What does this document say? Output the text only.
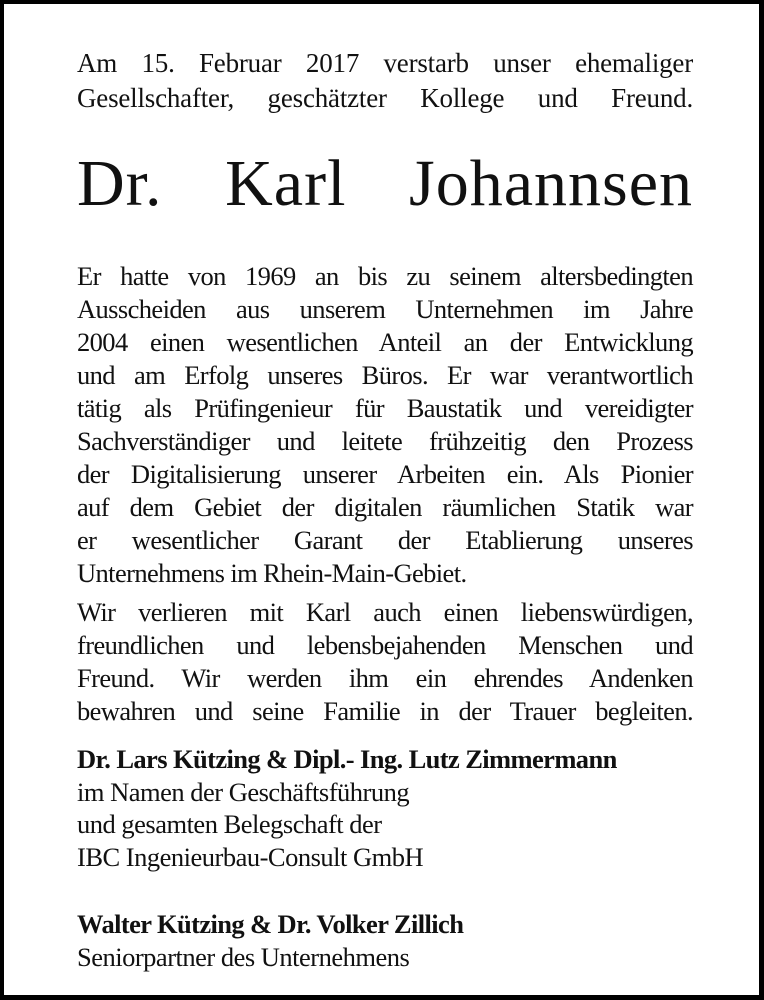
Am 15. Februar 2017 verstarb unser ehemaliger
Gesellschafter, geschätzter Kollege und Freund.
Dr. Karl Johannsen
Er hatte von 1969 an bis zu seinem altersbedingten
Ausscheiden aus unserem Unternehmen im Jahre
2004 einen wesentlichen Anteil an der Entwicklung
und am Erfolg unseres Büros. Er war verantwortlich
tätig als Prüfingenieur für Baustatik und vereidigter
Sachverständiger und leitete frühzeitig den Prozess
der Digitalisierung unserer Arbeiten ein. Als Pionier
auf dem Gebiet der digitalen räumlichen Statik war
er wesentlicher Garant der Etablierung unseres
Unternehmens im Rhein-Main-Gebiet.
Wir verlieren mit Karl auch einen liebenswürdigen,
freundlichen und lebensbejahenden Menschen und
Freund. Wir werden ihm ein ehrendes Andenken
bewahren und seine Familie in der Trauer begleiten.
Dr. Lars Kützing & Dipl.- Ing. Lutz Zimmermann
im Namen der Geschäftsführung
und gesamten Belegschaft der
IBC Ingenieurbau-Consult GmbH
Walter Kützing & Dr. Volker Zillich
Seniorpartner des Unternehmens
